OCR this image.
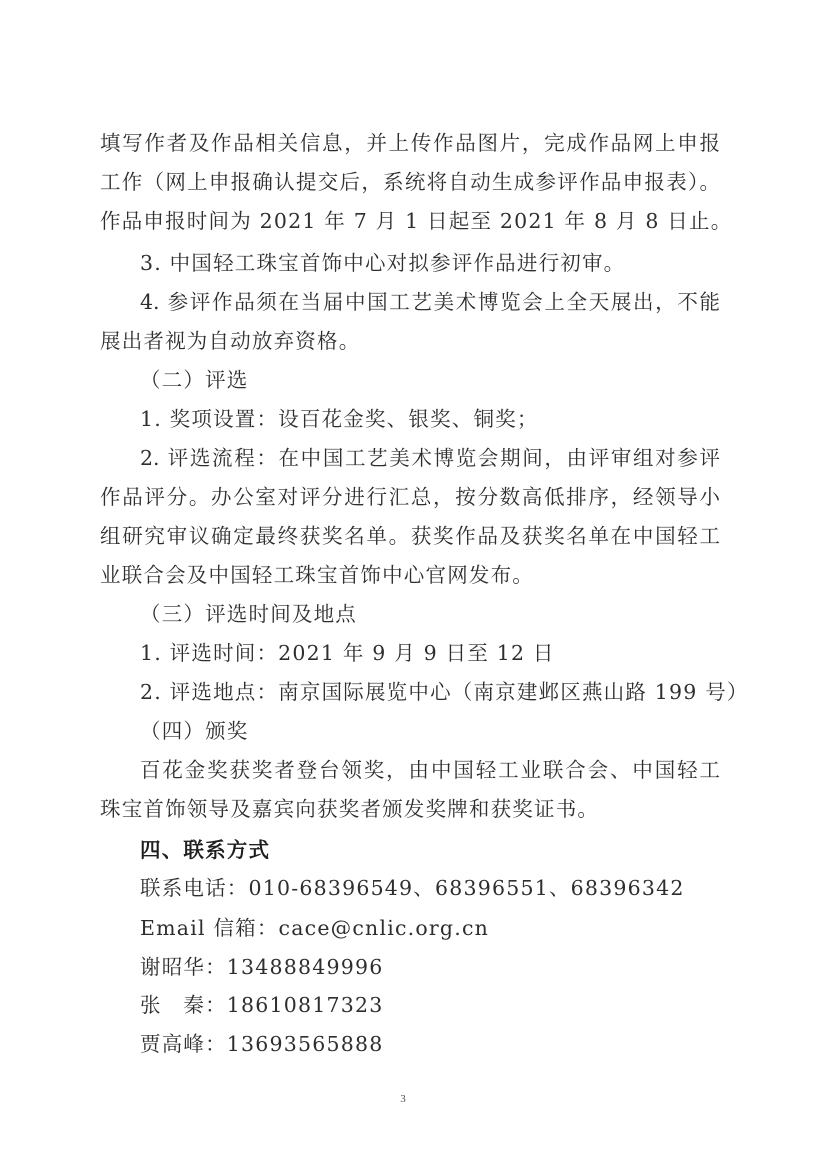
填写作者及作品相关信息，并上传作品图片，完成作品网上申报
工作（网上申报确认提交后，系统将自动生成参评作品申报表）。
作品申报时间为 2021 年 7 月 1 日起至 2021 年 8 月 8 日止。
3. 中国轻工珠宝首饰中心对拟参评作品进行初审。
4. 参评作品须在当届中国工艺美术博览会上全天展出，不能
展出者视为自动放弃资格。
（二）评选
1. 奖项设置：设百花金奖、银奖、铜奖；
2. 评选流程：在中国工艺美术博览会期间，由评审组对参评
作品评分。办公室对评分进行汇总，按分数高低排序，经领导小
组研究审议确定最终获奖名单。获奖作品及获奖名单在中国轻工
业联合会及中国轻工珠宝首饰中心官网发布。
（三）评选时间及地点
1. 评选时间：2021 年 9 月 9 日至 12 日
2. 评选地点：南京国际展览中心（南京建邺区燕山路 199 号）
（四）颁奖
百花金奖获奖者登台领奖，由中国轻工业联合会、中国轻工
珠宝首饰领导及嘉宾向获奖者颁发奖牌和获奖证书。
四、联系方式
联系电话：010-68396549、68396551、68396342
Email 信箱：cace@cnlic.org.cn
谢昭华：13488849996
张　秦：18610817323
贾高峰：13693565888
3
